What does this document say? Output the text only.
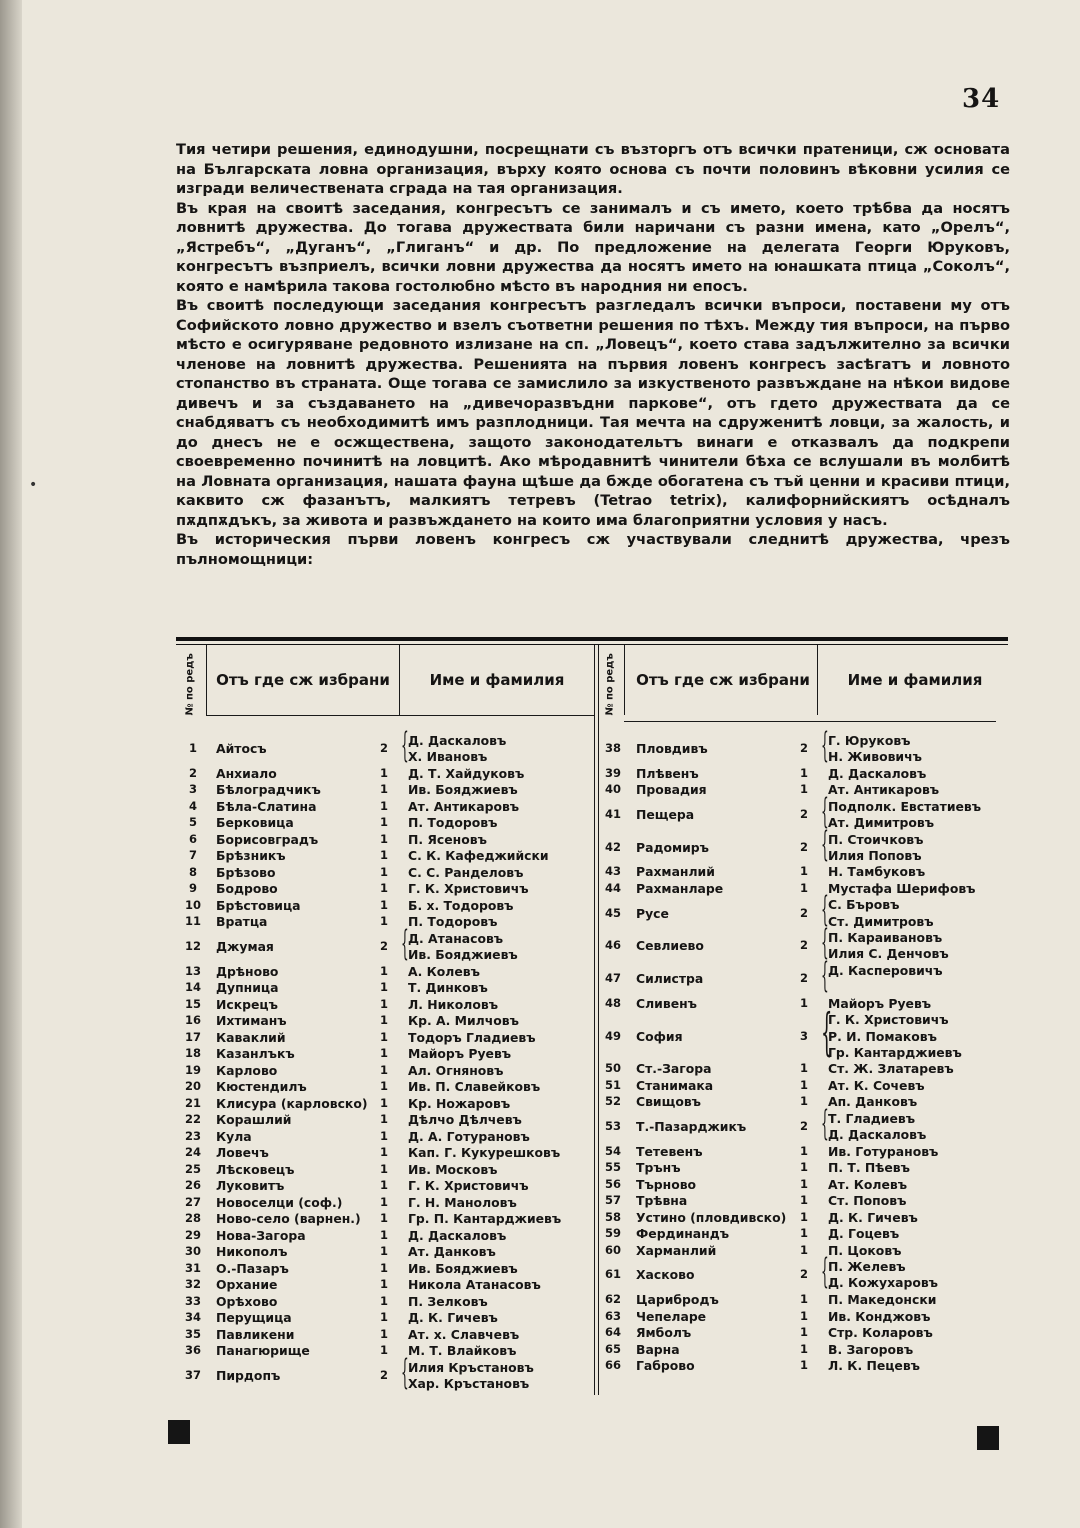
34

Тия четири решения, единодушни, посрещнати съ възторгъ отъ всички пратеници, сж основата на Българската ловна организация, върху която основа съ почти половинъ вѣковни усилия се изгради величествената сграда на тая организация.

Въ края на своитѣ заседания, конгресътъ се занималъ и съ името, което трѣбва да носятъ ловнитѣ дружества. До тогава дружествата били наричани съ разни имена, като „Орелъ“, „Ястребъ“, „Дуганъ“, „Глиганъ“ и др. По предложение на делегата Георги Юруковъ, конгресътъ възприелъ, всички ловни дружества да носятъ името на юнашката птица „Соколъ“, която е намѣрила такова гостолюбно мѣсто въ народния ни епосъ.

Въ своитѣ последующи заседания конгресътъ разгледалъ всички въпроси, поставени му отъ Софийското ловно дружество и взелъ съответни решения по тѣхъ. Между тия въпроси, на първо мѣсто е осигуряване редовното излизане на сп. „Ловецъ“, което става задължително за всички членове на ловнитѣ дружества. Решенията на първия ловенъ конгресъ засѣгатъ и ловното стопанство въ страната. Още тогава се замислило за изкуственото развъждане на нѣкои видове дивечъ и за създаването на „дивечоразвъдни паркове“, отъ гдето дружествата да се снабдяватъ съ необходимитѣ имъ разплодници. Тая мечта на сдруженитѣ ловци, за жалость, и до днесъ не е осжществена, защото законодательтъ винаги е отказвалъ да подкрепи своевременно починитѣ на ловцитѣ. Ако мѣродавнитѣ чинители бѣха се вслушали въ молбитѣ на Ловната организация, нашата фауна щѣше да бжде обогатена съ тъй ценни и красиви птици, каквито сж фазанътъ, малкиятъ тетревъ (Tetrao tetrix), калифорнийскиятъ осѣдналъ пѫдпѫдъкъ, за живота и развъждането на които има благоприятни условия у насъ.

Въ историческия първи ловенъ конгресъ сж участвували следнитѣ дружества, чрезъ пълномощници:

№ по редъ	Отъ где сж избрани	Име и фамилия	№ по редъ	Отъ где сж избрани	Име и фамилия
1	Айтосъ	2 { Д. Даскаловъ
Х. Ивановъ
2	Анхиало	1 Д. Т. Хайдуковъ
3	Бѣлоградчикъ	1 Ив. Бояджиевъ
4	Бѣла-Слатина	1 Ат. Антикаровъ
5	Берковица	1 П. Тодоровъ
6	Борисовградъ	1 П. Ясеновъ
7	Брѣзникъ	1 С. К. Кафеджийски
8	Брѣзово	1 С. С. Ранделовъ
9	Бодрово	1 Г. К. Христовичъ
10	Брѣстовица	1 Б. х. Тодоровъ
11	Вратца	1 П. Тодоровъ
12	Джумая	2 { Д. Атанасовъ
Ив. Бояджиевъ
13	Дрѣново	1 А. Колевъ
14	Дупница	1 Т. Динковъ
15	Искрецъ	1 Л. Николовъ
16	Ихтиманъ	1 Кр. А. Милчовъ
17	Каваклий	1 Тодоръ Гладиевъ
18	Казанлъкъ	1 Майоръ Руевъ
19	Карлово	1 Ал. Огняновъ
20	Кюстендилъ	1 Ив. П. Славейковъ
21	Клисура (карловско) 1 Кр. Ножаровъ
22	Корашлий	1 Дѣлчо Дѣлчевъ
23	Кула	1 Д. А. Готурановъ
24	Ловечъ	1 Кап. Г. Кукурешковъ
25	Лѣсковецъ	1 Ив. Московъ
26	Луковитъ	1 Г. К. Христовичъ
27	Новоселци (соф.)	1 Г. Н. Маноловъ
28	Ново-село (варнен.) 1 Гр. П. Кантарджиевъ
29	Нова-Загора	1 Д. Даскаловъ
30	Никополъ	1 Ат. Данковъ
31	О.-Пазаръ	1 Ив. Бояджиевъ
32	Орхание	1 Никола Атанасовъ
33	Орѣхово	1 П. Зелковъ
34	Перущица	1 Д. К. Гичевъ
35	Павликени	1 Ат. х. Славчевъ
36	Панагюрище	1 М. Т. Влайковъ
37	Пирдопъ	2 { Илия Кръстановъ
Хар. Кръстановъ
38	Пловдивъ	2 { Г. Юруковъ
Н. Живовичъ
39	Плѣвенъ	1 Д. Даскаловъ
40	Провадия	1 Ат. Антикаровъ
41	Пещера	2 { Подполк. Евстатиевъ
Ат. Димитровъ
42	Радомиръ	2 { П. Стоичковъ
Илия Поповъ
43	Рахманлий	1 Н. Тамбуковъ
44	Рахманларе	1 Мустафа Шерифовъ
45	Русе	2 { С. Бъровъ
Ст. Димитровъ
46	Севлиево	2 { П. Караивановъ
Илия С. Денчовъ
47	Силистра	2 { Д. Касперовичъ
48	Сливенъ	1 Майоръ Руевъ
49	София	3 {
Г. К. Христовичъ
Р. И. Помаковъ
Гр. Кантарджиевъ
50	Ст.-Загора	1 Ст. Ж. Златаревъ
51	Станимака	1 Ат. К. Сочевъ
52	Свищовъ	1 Ап. Данковъ
53	Т.-Пазарджикъ	2 { Т. Гладиевъ
Д. Даскаловъ
54	Тетевенъ	1 Ив. Готурановъ
55	Трънъ	1 П. Т. Пѣевъ
56	Търново	1 Ат. Колевъ
57	Трѣвна	1 Ст. Поповъ
58	Устино (пловдивско) 1 Д. К. Гичевъ
59	Фердинандъ	1 Д. Гоцевъ
60	Харманлий	1 П. Цоковъ
61	Хасково	2 { П. Желевъ
Д. Кожухаровъ
62	Царибродъ	1 П. Македонски
63	Чепеларе	1 Ив. Конджовъ
64	Ямболъ	1 Стр. Коларовъ
65	Варна	1 В. Загоровъ
66	Габрово	1 Л. К. Пецевъ
•
